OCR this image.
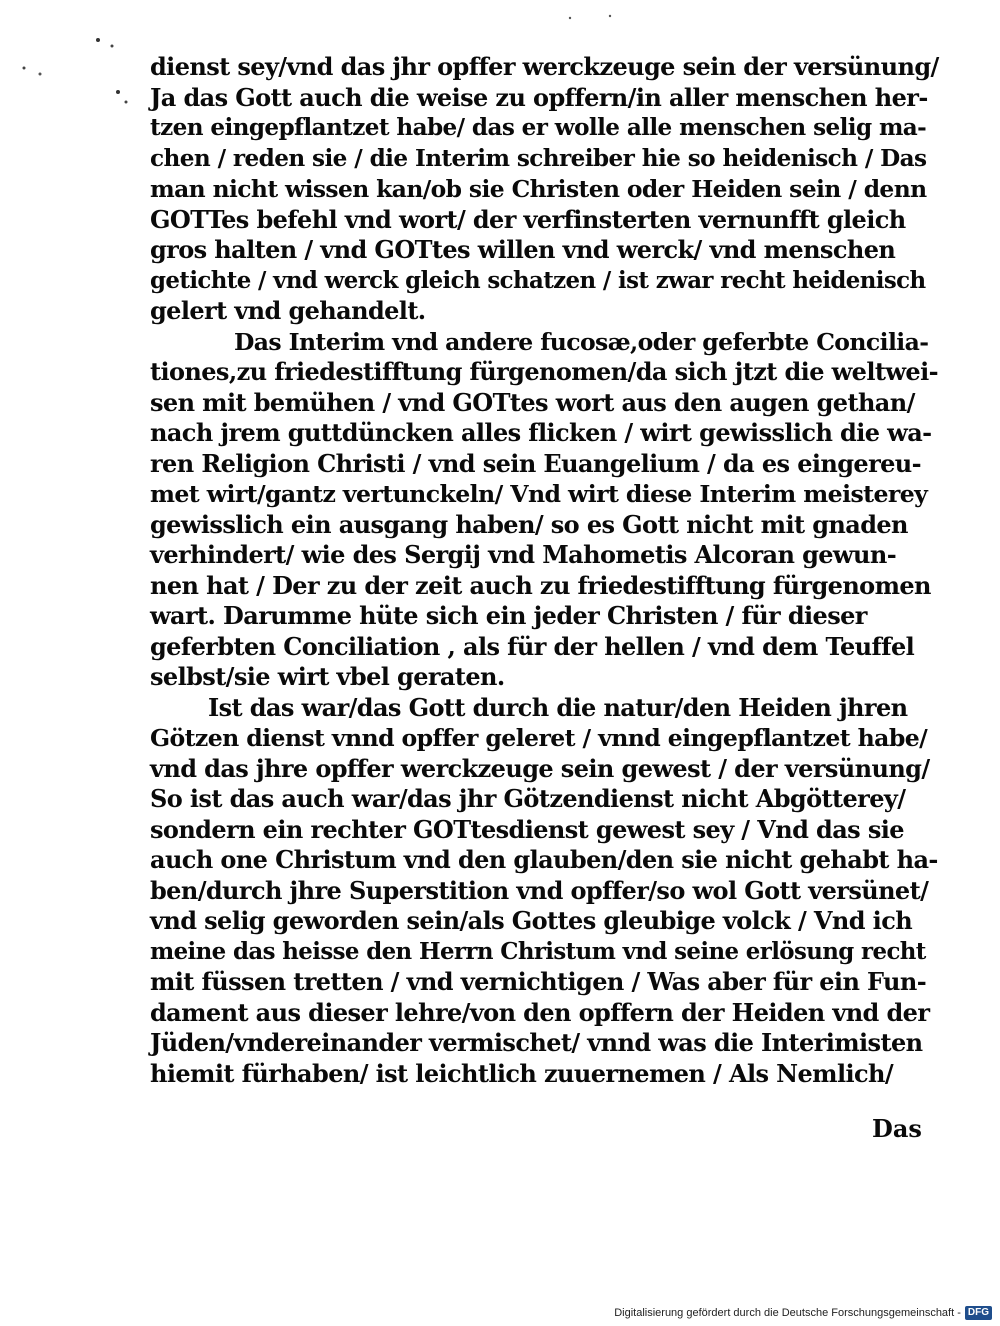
dienst sey/vnd das jhr opffer werckzeuge sein der versünung/
Ja das Gott auch die weise zu opffern/in aller menschen her-
tzen eingepflantzet habe/ das er wolle alle menschen selig ma-
chen / reden sie / die Interim schreiber hie so heidenisch / Das
man nicht wissen kan/ob sie Christen oder Heiden sein / denn
GOTTes befehl vnd wort/ der verfinsterten vernunfft gleich
gros halten / vnd GOTtes willen vnd werck/ vnd menschen
getichte / vnd werck gleich schatzen / ist zwar recht heidenisch
gelert vnd gehandelt.
Das Interim vnd andere fucosæ,oder geferbte Concilia-
tiones,zu friedestifftung fürgenomen/da sich jtzt die weltwei-
sen mit bemühen / vnd GOTtes wort aus den augen gethan/
nach jrem guttdüncken alles flicken / wirt gewisslich die wa-
ren Religion Christi / vnd sein Euangelium / da es eingereu-
met wirt/gantz vertunckeln/ Vnd wirt diese Interim meisterey
gewisslich ein ausgang haben/ so es Gott nicht mit gnaden
verhindert/ wie des Sergij vnd Mahometis Alcoran gewun-
nen hat / Der zu der zeit auch zu friedestifftung fürgenomen
wart. Darumme hüte sich ein jeder Christen / für dieser
geferbten Conciliation , als für der hellen / vnd dem Teuffel
selbst/sie wirt vbel geraten.
Ist das war/das Gott durch die natur/den Heiden jhren
Götzen dienst vnnd opffer geleret / vnnd eingepflantzet habe/
vnd das jhre opffer werckzeuge sein gewest / der versünung/
So ist das auch war/das jhr Götzendienst nicht Abgötterey/
sondern ein rechter GOTtesdienst gewest sey / Vnd das sie
auch one Christum vnd den glauben/den sie nicht gehabt ha-
ben/durch jhre Superstition vnd opffer/so wol Gott versünet/
vnd selig geworden sein/als Gottes gleubige volck / Vnd ich
meine das heisse den Herrn Christum vnd seine erlösung recht
mit füssen tretten / vnd vernichtigen / Was aber für ein Fun-
dament aus dieser lehre/von den opffern der Heiden vnd der
Jüden/vndereinander vermischet/ vnnd was die Interimisten
hiemit fürhaben/ ist leichtlich zuuernemen / Als Nemlich/
Das
Digitalisierung gefördert durch die Deutsche Forschungsgemeinschaft - DFG
